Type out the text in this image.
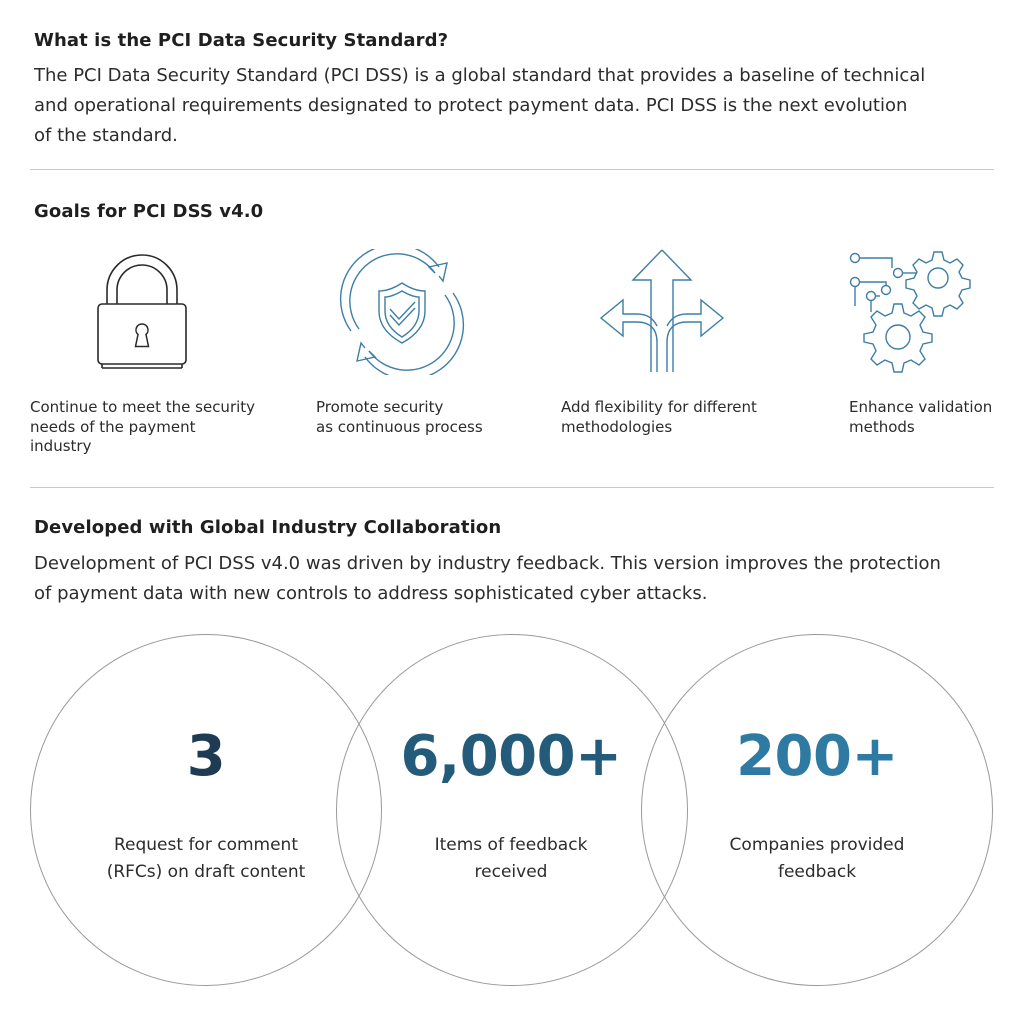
What is the PCI Data Security Standard?
The PCI Data Security Standard (PCI DSS) is a global standard that provides a baseline of technical
and operational requirements designated to protect payment data. PCI DSS is the next evolution
of the standard.
Goals for PCI DSS v4.0
Continue to meet the security
needs of the payment
industry
Promote security
as continuous process
Add flexibility for different
methodologies
Enhance validation
methods
Developed with Global Industry Collaboration
Development of PCI DSS v4.0 was driven by industry feedback. This version improves the protection
of payment data with new controls to address sophisticated cyber attacks.
3	6,000+	200+
Request for comment
(RFCs) on draft content
Items of feedback
received
Companies provided
feedback
